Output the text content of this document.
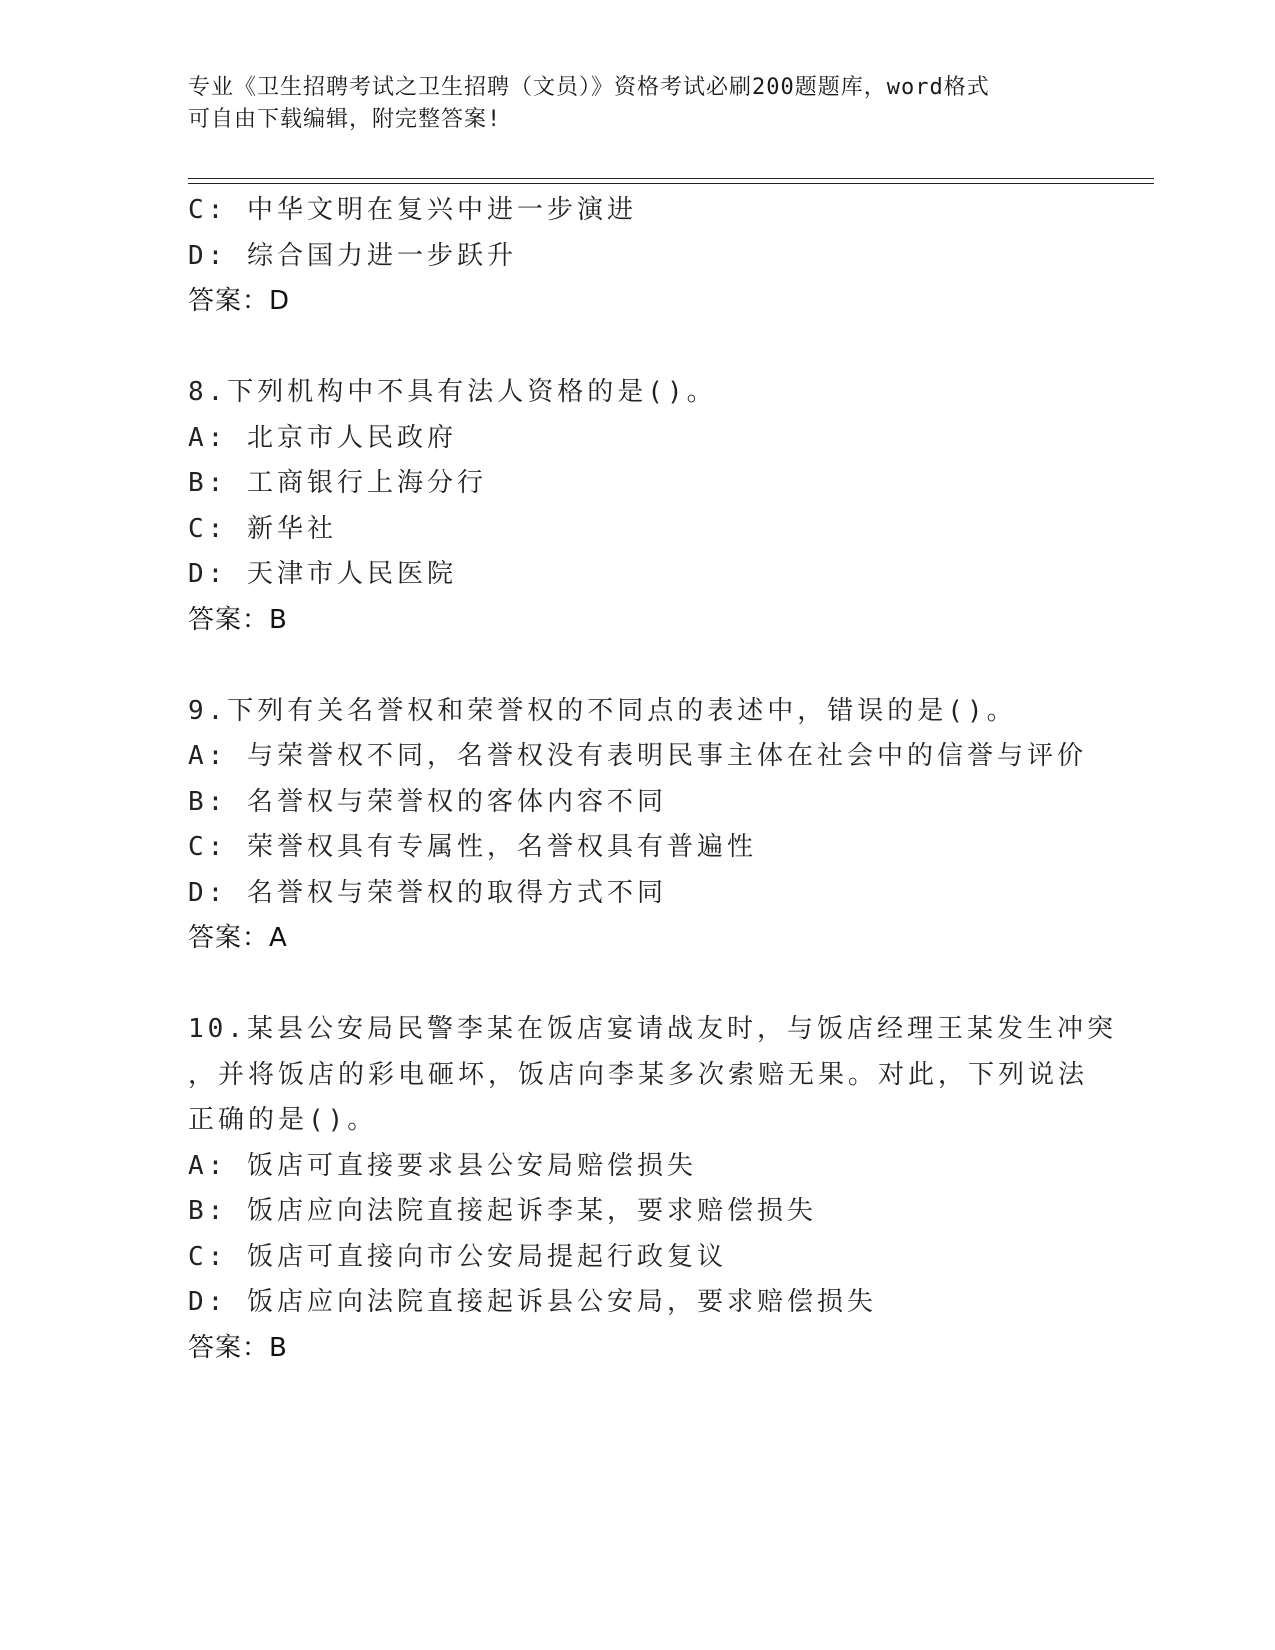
专业《卫生招聘考试之卫生招聘（文员）》资格考试必刷200题题库，word格式
可自由下载编辑，附完整答案!
C: 中华文明在复兴中进一步演进
D: 综合国力进一步跃升
答案：D
8.下列机构中不具有法人资格的是()。
A: 北京市人民政府
B: 工商银行上海分行
C: 新华社
D: 天津市人民医院
答案：B
9.下列有关名誉权和荣誉权的不同点的表述中，错误的是()。
A: 与荣誉权不同，名誉权没有表明民事主体在社会中的信誉与评价
B: 名誉权与荣誉权的客体内容不同
C: 荣誉权具有专属性，名誉权具有普遍性
D: 名誉权与荣誉权的取得方式不同
答案：A
10.某县公安局民警李某在饭店宴请战友时，与饭店经理王某发生冲突
，并将饭店的彩电砸坏，饭店向李某多次索赔无果。对此，下列说法
正确的是()。
A: 饭店可直接要求县公安局赔偿损失
B: 饭店应向法院直接起诉李某，要求赔偿损失
C: 饭店可直接向市公安局提起行政复议
D: 饭店应向法院直接起诉县公安局，要求赔偿损失
答案：B
